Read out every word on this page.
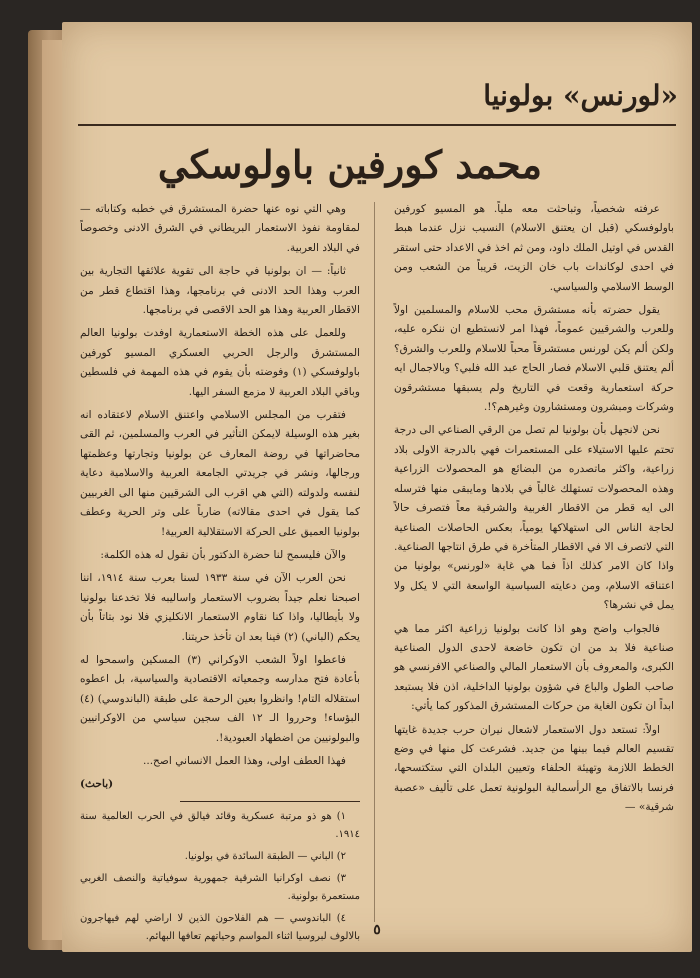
«لورنس» بولونيا
محمد كورفين باولوسكي

عرفته شخصياً، وتباحثت معه ملياً. هو المسيو كورفين باولوفسكي (قبل ان يعتنق الاسلام) النسيب نزل عندما هبط القدس في اوتيل الملك داود، ومن ثم اخذ في الاعداد حتى استقر في احدى لوكاندات باب خان الزيت، قريباً من الشعب ومن الوسط الاسلامي والسياسي.

يقول حضرته بأنه مستشرق محب للاسلام والمسلمين اولاً وللعرب والشرقيين عموماً، فهذا امر لانستطيع ان ننكره عليه، ولكن ألم يكن لورنس مستشرقاً محباً للاسلام وللعرب والشرق؟ ألم يعتنق قلبي الاسلام فصار الحاج عبد الله فلبي؟ وبالاجمال ايه حركة استعمارية وقعت في التاريخ ولم يسبقها مستشرقون وشركات ومبشرون ومستشارون وغيرهم؟!.

نحن لانجهل بأن بولونيا لم تصل من الرقي الصناعي الى درجة تحتم عليها الاستيلاء على المستعمرات فهي بالدرجة الاولى بلاد زراعية، واكثر ماتصدره من البضائع هو المحصولات الزراعية وهذه المحصولات تستهلك غالباً في بلادها ومايبقى منها فترسله الى ايه قطر من الاقطار الغربية والشرقية معاً فتصرف حالاً لحاجة الناس الى استهلاكها يومياً، بعكس الحاصلات الصناعية التي لاتصرف الا في الاقطار المتأخرة في طرق انتاجها الصناعية. واذا كان الامر كذلك اذاً فما هي غاية «لورنس» بولونيا من اعتناقه الاسلام، ومن دعايته السياسية الواسعة التي لا يكل ولا يمل في نشرها؟

فالجواب واضح وهو اذا كانت بولونيا زراعية اكثر مما هي صناعية فلا بد من ان تكون خاضعة لاحدى الدول الصناعية الكبرى، والمعروف بأن الاستعمار المالي والصناعي الافرنسي هو صاحب الطول والباع في شؤون بولونيا الداخلية، اذن فلا يستبعد ابداً ان تكون الغاية من حركات المستشرق المذكور كما يأتي:

اولاً: تستعد دول الاستعمار لاشعال نيران حرب جديدة غايتها تقسيم العالم فيما بينها من جديد. فشرعت كل منها في وضع الخطط اللازمة وتهيئة الحلفاء وتعيين البلدان التي ستكتسحها، فرنسا بالاتفاق مع الرأسمالية البولونية تعمل على تأليف «عصبة شرقية» —

وهي التي نوه عنها حضرة المستشرق في خطبه وكتاباته — لمقاومة نفوذ الاستعمار البريطاني في الشرق الادنى وخصوصاً في البلاد العربية.

ثانياً: — ان بولونيا في حاجة الى تقوية علائقها التجارية بين العرب وهذا الحد الادنى في برنامجها، وهذا اقتطاع قطر من الاقطار العربية وهذا هو الحد الاقصى في برنامجها.

وللعمل على هذه الخطة الاستعمارية اوفدت بولونيا العالم المستشرق والرجل الحربي العسكري المسيو كورفين باولوفسكي (١) وفوضته بأن يقوم في هذه المهمة في فلسطين وباقي البلاد العربية لا مزمع السفر اليها.

فتقرب من المجلس الاسلامي واعتنق الاسلام لاعتقاده انه بغير هذه الوسيلة لايمكن التأثير في العرب والمسلمين، ثم القى محاضراتها في روضة المعارف عن بولونيا وتجارتها وعظمتها ورجالها، ونشر في جريدتي الجامعة العربية والاسلامية دعاية لنفسه ولدولته (التي هي اقرب الى الشرقيين منها الى الغربيين كما يقول في احدى مقالاته) ضارباً على وتر الحرية وعطف بولونيا العميق على الحركة الاستقلالية العربية!

والآن فليسمح لنا حضرة الدكتور بأن نقول له هذه الكلمة:

نحن العرب الآن في سنة ١٩٣٣ لسنا بعرب سنة ١٩١٤، اننا اصبحنا نعلم جيداً بضروب الاستعمار واساليبه فلا تخدعنا بولونيا ولا بأيطاليا، واذا كنا نقاوم الاستعمار الانكليزي فلا نود بتاتاً بأن يحكم (الباني) (٢) فينا بعد ان تأخذ حريتنا.

فاعطوا اولاً الشعب الاوكراني (٣) المسكين واسمحوا له بأعادة فتح مدارسه وجمعياته الاقتصادية والسياسية، بل اعطوه استقلاله التام! وانظروا بعين الرحمة على طبقة (الباندوسي) (٤) البؤساء! وحرروا الـ ١٢ الف سجين سياسي من الاوكرانيين والبولونيين من اضطهاد العبودية!.

فهذا العطف اولى، وهذا العمل الانساني اصح...

(باحث)

١) هو ذو مرتبة عسكرية وقائد فيالق في الحرب العالمية سنة ١٩١٤.

٢) الباني — الطبقة السائدة في بولونيا.

٣) نصف اوكرانيا الشرقية جمهورية سوفياتية والنصف الغربي مستعمرة بولونية.

٤) الباندوسي — هم الفلاحون الذين لا اراضي لهم فيهاجرون بالالوف لبروسيا اثناء المواسم وحياتهم تعافها البهائم. ٥
